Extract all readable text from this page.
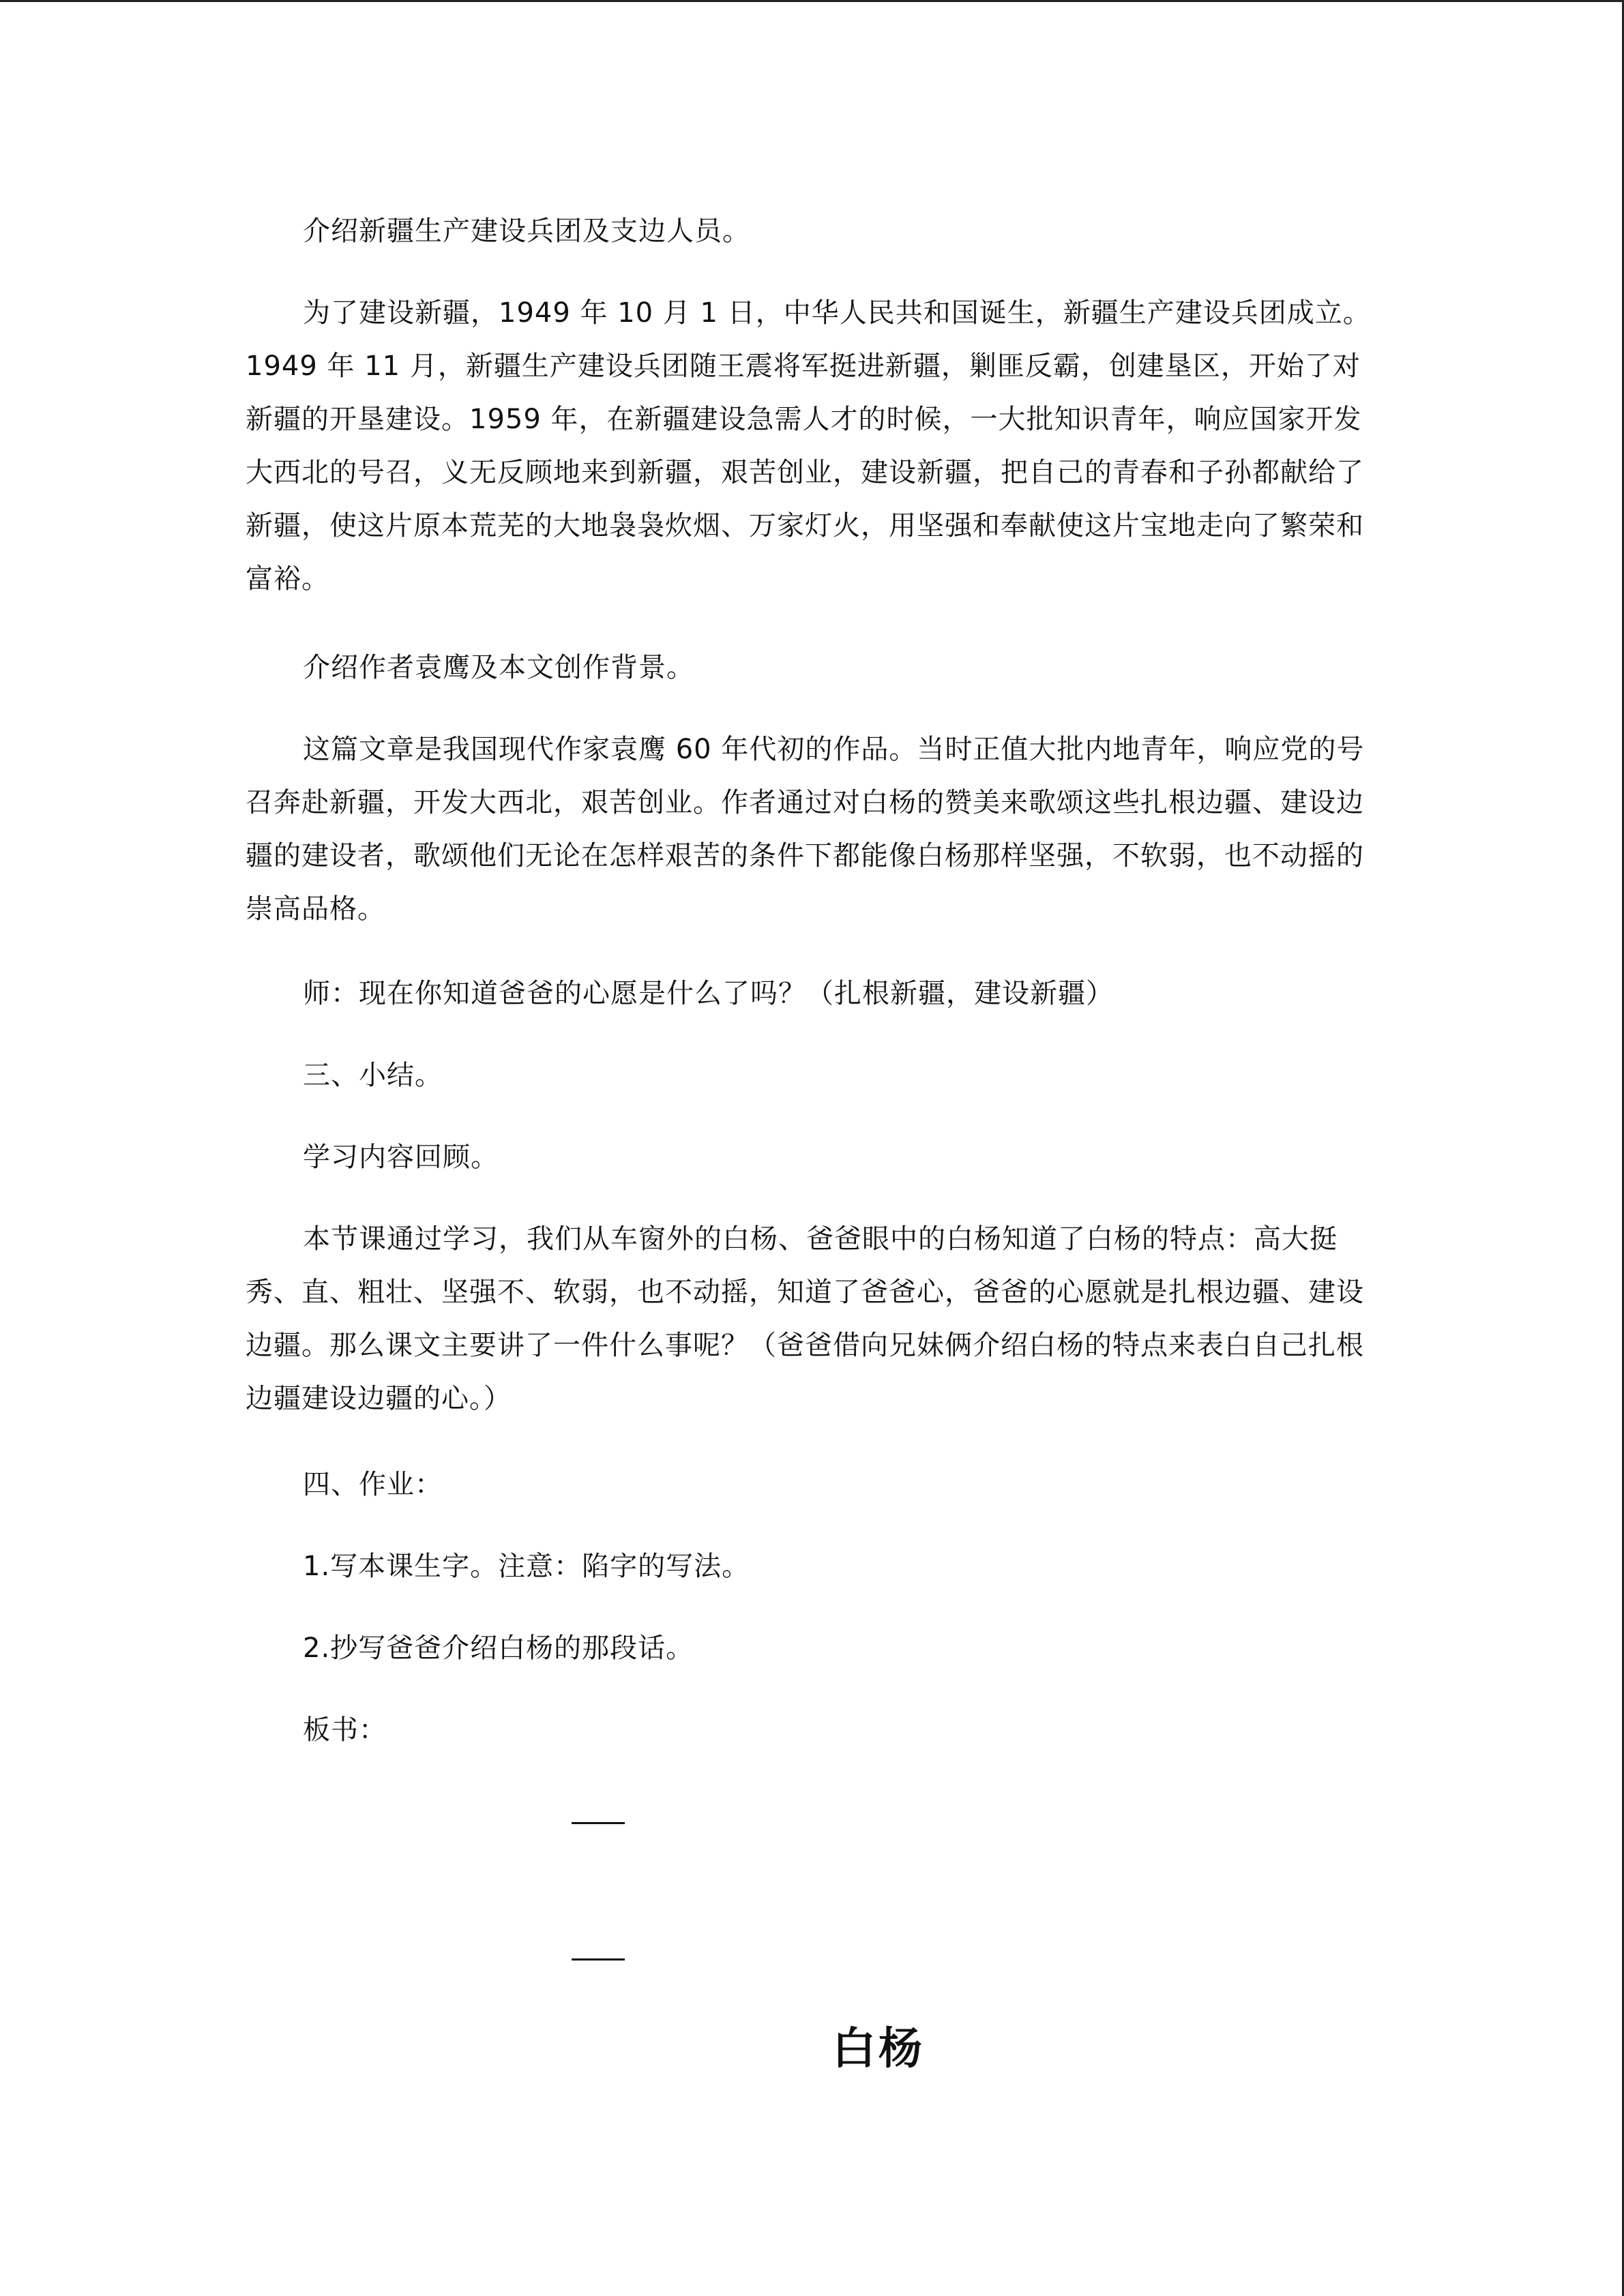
介绍新疆生产建设兵团及支边人员。

为了建设新疆，1949 年 10 月 1 日，中华人民共和国诞生，新疆生产建设兵团成立。1949 年 11 月，新疆生产建设兵团随王震将军挺进新疆，剿匪反霸，创建垦区，开始了对新疆的开垦建设。1959 年，在新疆建设急需人才的时候，一大批知识青年，响应国家开发大西北的号召，义无反顾地来到新疆，艰苦创业，建设新疆，把自己的青春和子孙都献给了新疆，使这片原本荒芜的大地袅袅炊烟、万家灯火，用坚强和奉献使这片宝地走向了繁荣和富裕。

介绍作者袁鹰及本文创作背景。

这篇文章是我国现代作家袁鹰 60 年代初的作品。当时正值大批内地青年，响应党的号召奔赴新疆，开发大西北，艰苦创业。作者通过对白杨的赞美来歌颂这些扎根边疆、建设边疆的建设者，歌颂他们无论在怎样艰苦的条件下都能像白杨那样坚强，不软弱，也不动摇的崇高品格。

师：现在你知道爸爸的心愿是什么了吗？（扎根新疆，建设新疆）

三、小结。

学习内容回顾。

本节课通过学习，我们从车窗外的白杨、爸爸眼中的白杨知道了白杨的特点：高大挺秀、直、粗壮、坚强不、软弱，也不动摇，知道了爸爸心，爸爸的心愿就是扎根边疆、建设边疆。那么课文主要讲了一件什么事呢？（爸爸借向兄妹俩介绍白杨的特点来表白自己扎根边疆建设边疆的心。）

四、作业：

1.写本课生字。注意：陷字的写法。

2.抄写爸爸介绍白杨的那段话。

板书：

白杨
